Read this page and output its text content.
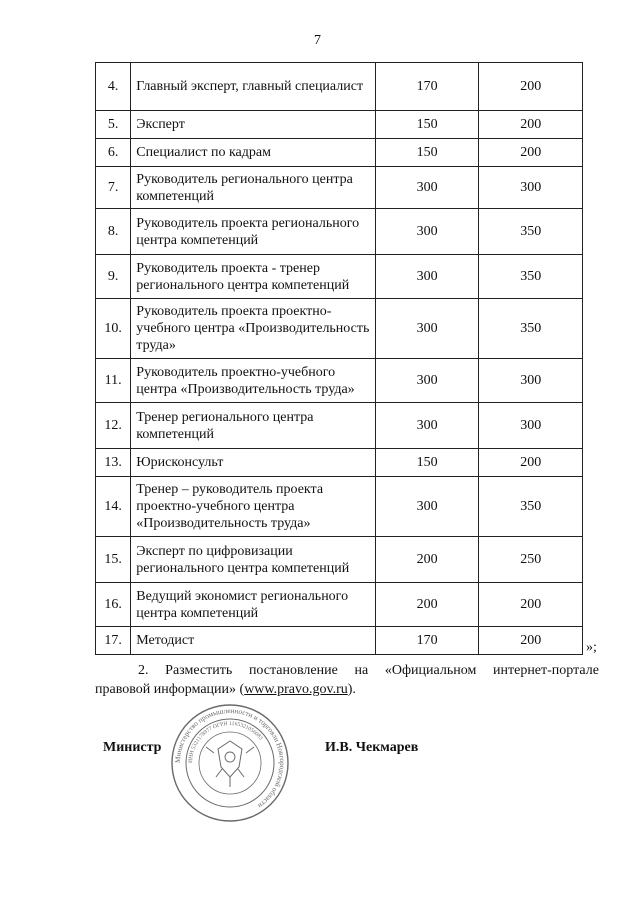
7
4.	Главный эксперт, главный специалист	170	200
5.	Эксперт	150	200
6.	Специалист по кадрам	150	200
7.	Руководитель регионального центра компетенций	300	300
8.	Руководитель проекта регионального центра компетенций	300	350
9.	Руководитель проекта - тренер регионального центра компетенций	300	350
10.	Руководитель проекта проектно-учебного центра «Производительность труда»	300	350
11.	Руководитель проектно-учебного центра «Производительность труда»	300	300
12.	Тренер регионального центра компетенций	300	300
13.	Юрисконсульт	150	200
14.	Тренер – руководитель проекта проектно-учебного центра «Производительность труда»	300	350
15.	Эксперт по цифровизации регионального центра компетенций	200	250
16.	Ведущий экономист регионального центра компетенций	200	200
17.	Методист	170	200	»;
2. Разместить постановление на «Официальном интернет-портале
правовой информации» (www.pravo.gov.ru).
Министр	И.В. Чекмарев
Министерство промышленности и торговли Новгородской области
ИНН 5321178977 ОГРН 1165321056083
